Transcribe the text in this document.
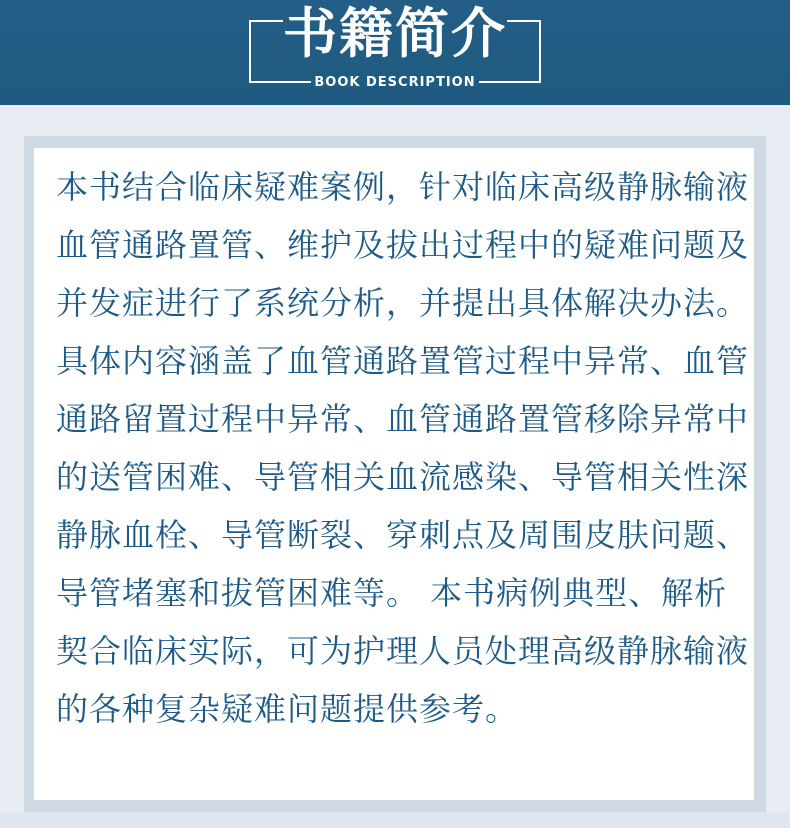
书籍简介
BOOK DESCRIPTION

本书结合临床疑难案例，针对临床高级静脉输液血管通路置管、维护及拔出过程中的疑难问题及并发症进行了系统分析，并提出具体解决办法。具体内容涵盖了血管通路置管过程中异常、血管通路留置过程中异常、血管通路置管移除异常中的送管困难、导管相关血流感染、导管相关性深静脉血栓、导管断裂、穿刺点及周围皮肤问题、导管堵塞和拔管困难等。 本书病例典型、解析契合临床实际，可为护理人员处理高级静脉输液的各种复杂疑难问题提供参考。
